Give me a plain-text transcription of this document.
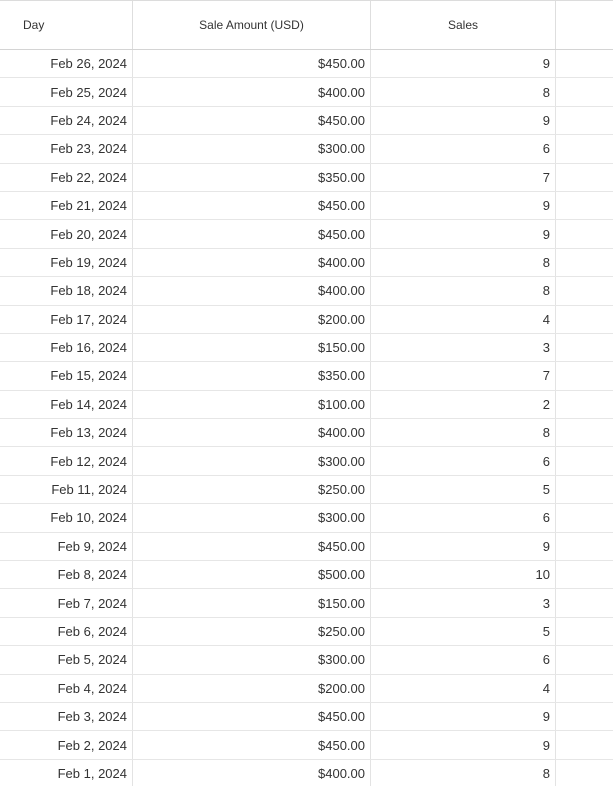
Day	Sale Amount (USD)	Sales
Feb 26, 2024	$450.00	9
Feb 25, 2024	$400.00	8
Feb 24, 2024	$450.00	9
Feb 23, 2024	$300.00	6
Feb 22, 2024	$350.00	7
Feb 21, 2024	$450.00	9
Feb 20, 2024	$450.00	9
Feb 19, 2024	$400.00	8
Feb 18, 2024	$400.00	8
Feb 17, 2024	$200.00	4
Feb 16, 2024	$150.00	3
Feb 15, 2024	$350.00	7
Feb 14, 2024	$100.00	2
Feb 13, 2024	$400.00	8
Feb 12, 2024	$300.00	6
Feb 11, 2024	$250.00	5
Feb 10, 2024	$300.00	6
Feb 9, 2024	$450.00	9
Feb 8, 2024	$500.00	10
Feb 7, 2024	$150.00	3
Feb 6, 2024	$250.00	5
Feb 5, 2024	$300.00	6
Feb 4, 2024	$200.00	4
Feb 3, 2024	$450.00	9
Feb 2, 2024	$450.00	9
Feb 1, 2024	$400.00	8
